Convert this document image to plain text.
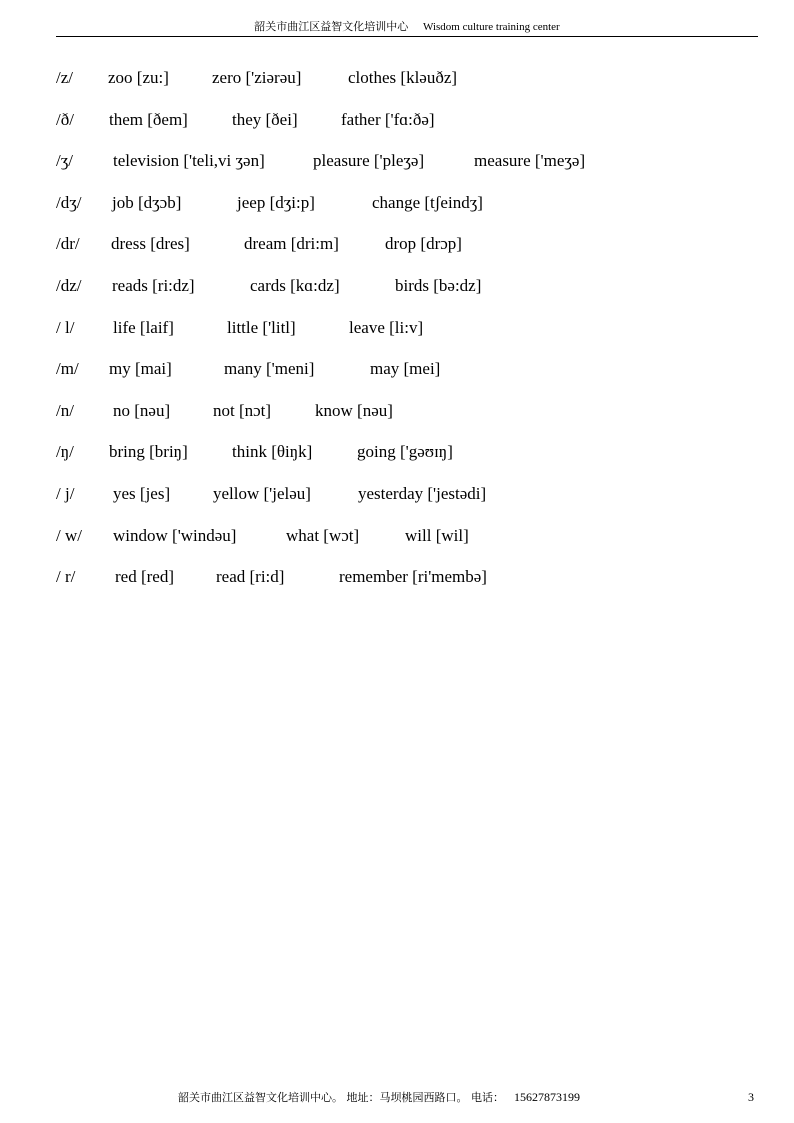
韶关市曲江区益智文化培训中心 Wisdom culture training center
/z/ zoo [zu:]	zero ['ziərəu]	clothes [kləuðz]
/ð/ them [ðem]	they [ðei]	father ['fɑ:ðə]
/ʒ/ television ['teli,vi ʒən]	pleasure ['pleʒə]	measure ['meʒə]
/dʒ/ job [dʒɔb]	jeep [dʒi:p]	change [tʃeindʒ]
/dr/ dress [dres]	dream [dri:m]	drop [drɔp]
/dz/ reads [ri:dz]	cards [kɑ:dz]	birds [bə:dz]
/ l/ life [laif]	little ['litl]	leave [li:v]
/m/ my [mai]	many ['meni]	may [mei]
/n/ no [nəu]	not [nɔt]	know [nəu]
/ŋ/ bring [briŋ]	think [θiŋk]	going ['gəʊɪŋ]
/ j/ yes [jes]	yellow ['jeləu]	yesterday ['jestədi]
/ w/ window ['windəu]	what [wɔt]	will [wil]
/ r/ red [red] read [ri:d]	remember [ri'membə]
韶关市曲江区益智文化培训中心。 地址：马坝桃园西路口。 电话： 15627873199	3
